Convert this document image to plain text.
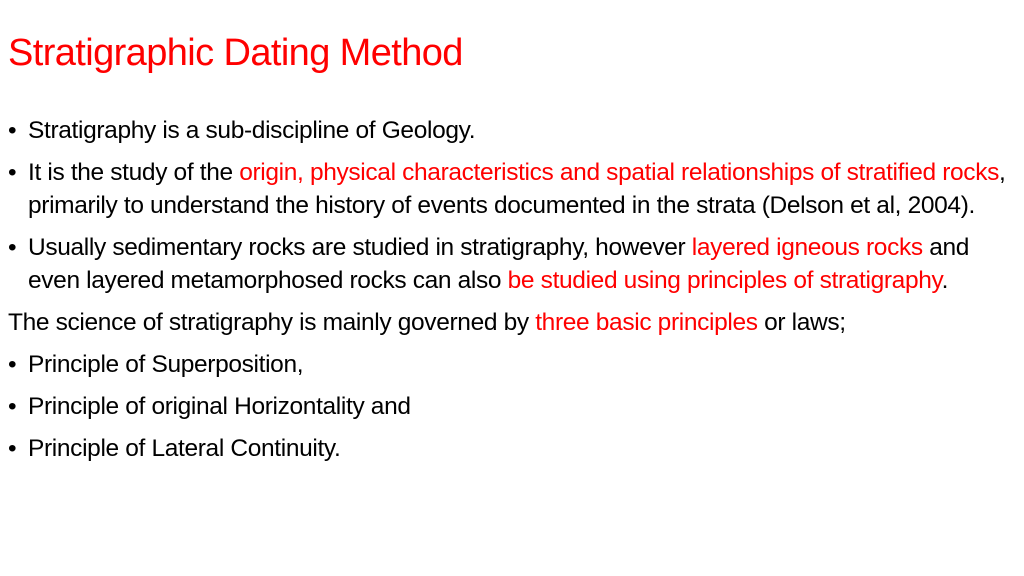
Stratigraphic Dating Method
• Stratigraphy is a sub-discipline of Geology.
• It is the study of the origin, physical characteristics and spatial relationships of stratified rocks, primarily to understand the history of events documented in the strata (Delson et al, 2004).
• Usually sedimentary rocks are studied in stratigraphy, however layered igneous rocks and even layered metamorphosed rocks can also be studied using principles of stratigraphy.
The science of stratigraphy is mainly governed by three basic principles or laws;
• Principle of Superposition,
• Principle of original Horizontality and
• Principle of Lateral Continuity.
